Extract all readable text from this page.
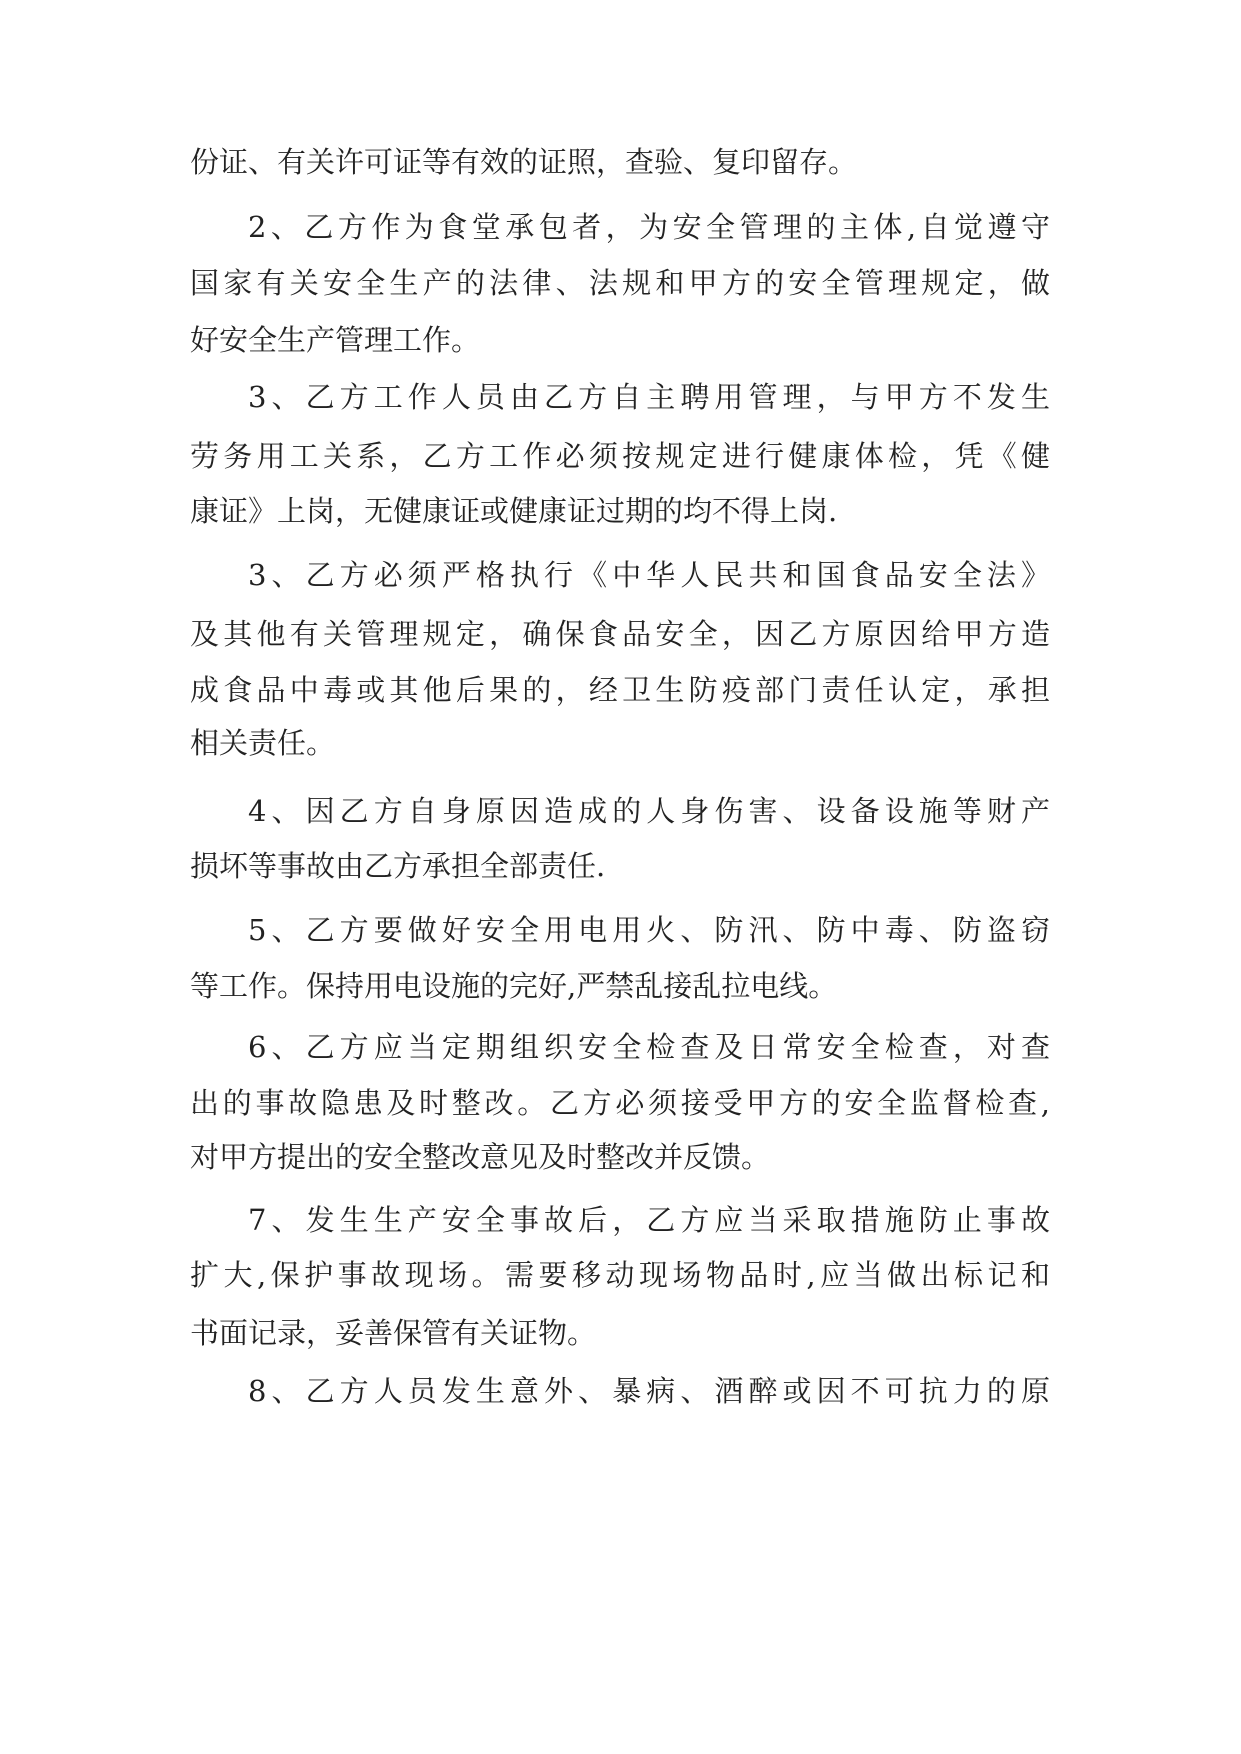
份证、有关许可证等有效的证照，查验、复印留存。

2、乙方作为食堂承包者，为安全管理的主体,自觉遵守

国家有关安全生产的法律、法规和甲方的安全管理规定，做

好安全生产管理工作。

3、乙方工作人员由乙方自主聘用管理，与甲方不发生

劳务用工关系，乙方工作必须按规定进行健康体检，凭《健

康证》上岗，无健康证或健康证过期的均不得上岗.

3、乙方必须严格执行《中华人民共和国食品安全法》

及其他有关管理规定，确保食品安全，因乙方原因给甲方造

成食品中毒或其他后果的，经卫生防疫部门责任认定，承担

相关责任。

4、因乙方自身原因造成的人身伤害、设备设施等财产

损坏等事故由乙方承担全部责任.

5、乙方要做好安全用电用火、防汛、防中毒、防盗窃

等工作。保持用电设施的完好,严禁乱接乱拉电线。

6、乙方应当定期组织安全检查及日常安全检查，对查

出的事故隐患及时整改。乙方必须接受甲方的安全监督检查,

对甲方提出的安全整改意见及时整改并反馈。

7、发生生产安全事故后，乙方应当采取措施防止事故

扩大,保护事故现场。需要移动现场物品时,应当做出标记和

书面记录，妥善保管有关证物。

8、乙方人员发生意外、暴病、酒醉或因不可抗力的原
